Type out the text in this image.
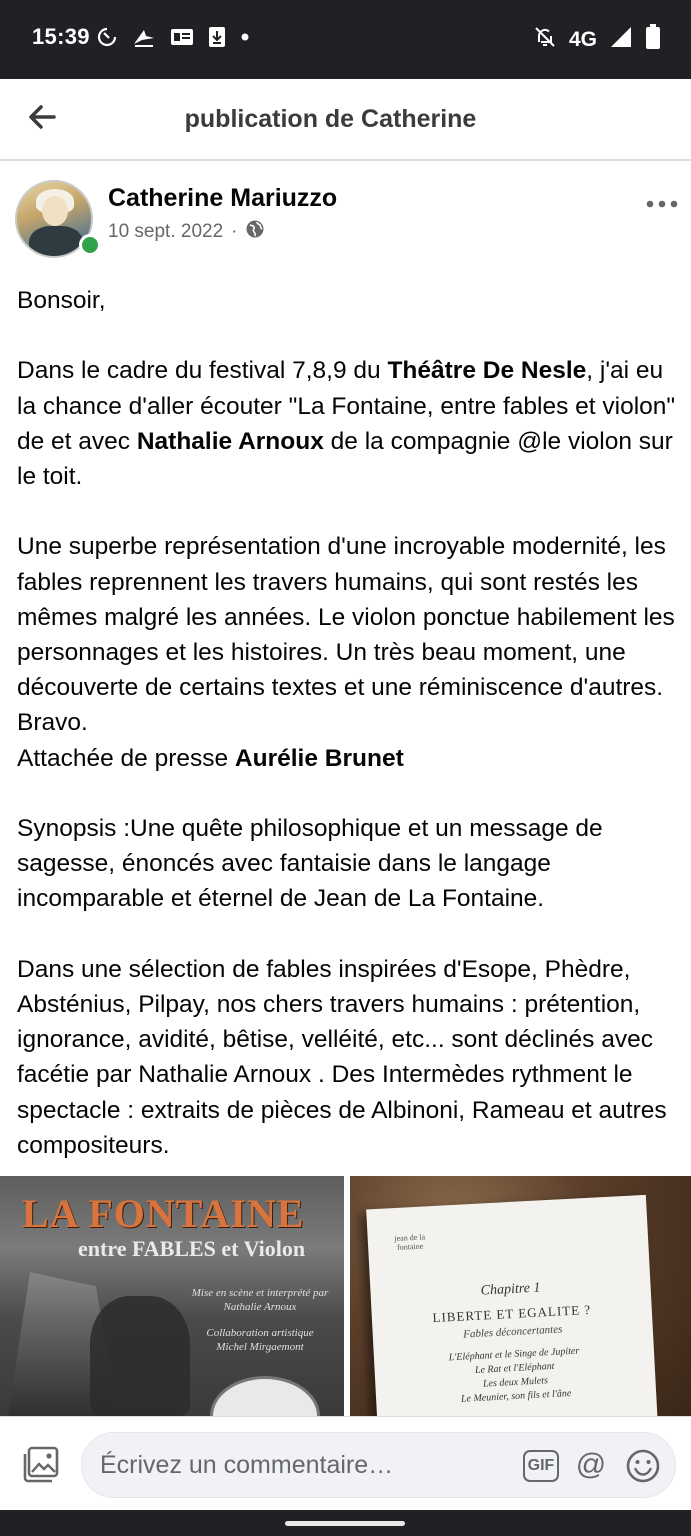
15:39	4G
publication de Catherine
Catherine Mariuzzo
10 sept. 2022 ·

Bonsoir,

Dans le cadre du festival 7,8,9 du Théâtre De Nesle, j'ai eu la chance d'aller écouter "La Fontaine, entre fables et violon" de et avec Nathalie Arnoux de la compagnie @le violon sur le toit.

Une superbe représentation d'une incroyable modernité, les fables reprennent les travers humains, qui sont restés les mêmes malgré les années. Le violon ponctue habilement les personnages et les histoires. Un très beau moment, une découverte de certains textes et une réminiscence d'autres. Bravo.

Attachée de presse Aurélie Brunet

Synopsis :Une quête philosophique et un message de sagesse, énoncés avec fantaisie dans le langage incomparable et éternel de Jean de La Fontaine.

Dans une sélection de fables inspirées d'Esope, Phèdre, Absténius, Pilpay, nos chers travers humains : prétention, ignorance, avidité, bêtise, velléité, etc... sont déclinés avec facétie par Nathalie Arnoux . Des Intermèdes rythment le spectacle : extraits de pièces de Albinoni, Rameau et autres compositeurs.

LA FONTAINE
entre FABLES et Violon
Mise en scène et interprété par Nathalie Arnoux
Collaboration artistique Michel Mirgaemont
jean de la fontaine
Chapitre 1
LIBERTE ET EGALITE ?
Fables déconcertantes
L'Eléphant et le Singe de Jupiter
Le Rat et l'Eléphant
Les deux Mulets
Le Meunier, son fils et l'âne
Écrivez un commentaire…
GIF @
